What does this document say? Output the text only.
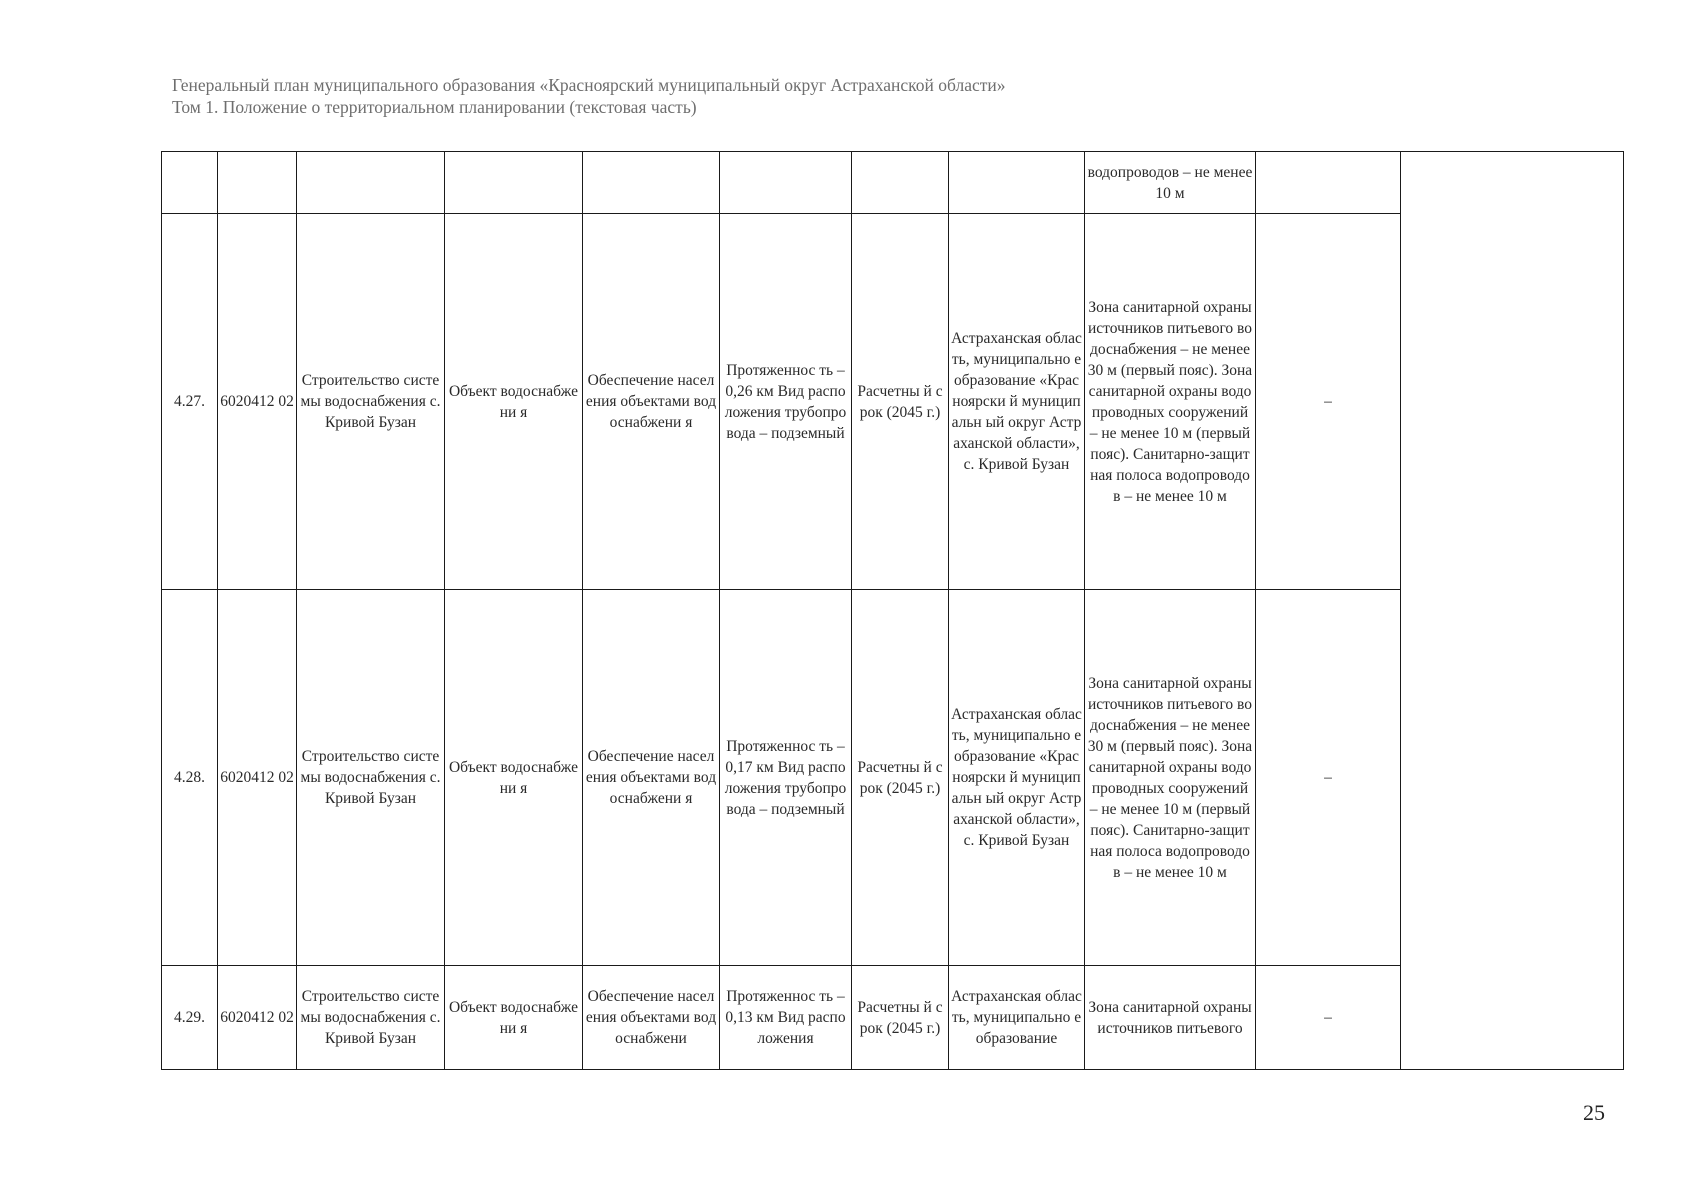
Генеральный план муниципального образования «Красноярский муниципальный округ Астраханской области»
Том 1. Положение о территориальном планировании (текстовая часть)
								водопроводов – не менее 10 м		
4.27.	6020412 02	Строительство системы водоснабжения с. Кривой Бузан	Объект водоснабжени я	Обеспечение населения объектами водоснабжени я	Протяженнос ть – 0,26 км Вид расположения трубопровода – подземный	Расчетны й срок (2045 г.)	Астраханская область, муниципально е образование «Красноярски й муниципальн ый округ Астраханской области», с. Кривой Бузан	Зона санитарной охраны источников питьевого водоснабжения – не менее 30 м (первый пояс). Зона санитарной охраны водопроводных сооружений – не менее 10 м (первый пояс). Санитарно-защитная полоса водопроводов – не менее 10 м	–	
4.28.	6020412 02	Строительство системы водоснабжения с. Кривой Бузан	Объект водоснабжени я	Обеспечение населения объектами водоснабжени я	Протяженнос ть – 0,17 км Вид расположения трубопровода – подземный	Расчетны й срок (2045 г.)	Астраханская область, муниципально е образование «Красноярски й муниципальн ый округ Астраханской области», с. Кривой Бузан	Зона санитарной охраны источников питьевого водоснабжения – не менее 30 м (первый пояс). Зона санитарной охраны водопроводных сооружений – не менее 10 м (первый пояс). Санитарно-защитная полоса водопроводов – не менее 10 м	–	
4.29.	6020412 02	Строительство системы водоснабжения с. Кривой Бузан	Объект водоснабжени я	Обеспечение населения объектами водоснабжени	Протяженнос ть – 0,13 км Вид расположения	Расчетны й срок (2045 г.)	Астраханская область, муниципально е образование	Зона санитарной охраны источников питьевого	–	
25
